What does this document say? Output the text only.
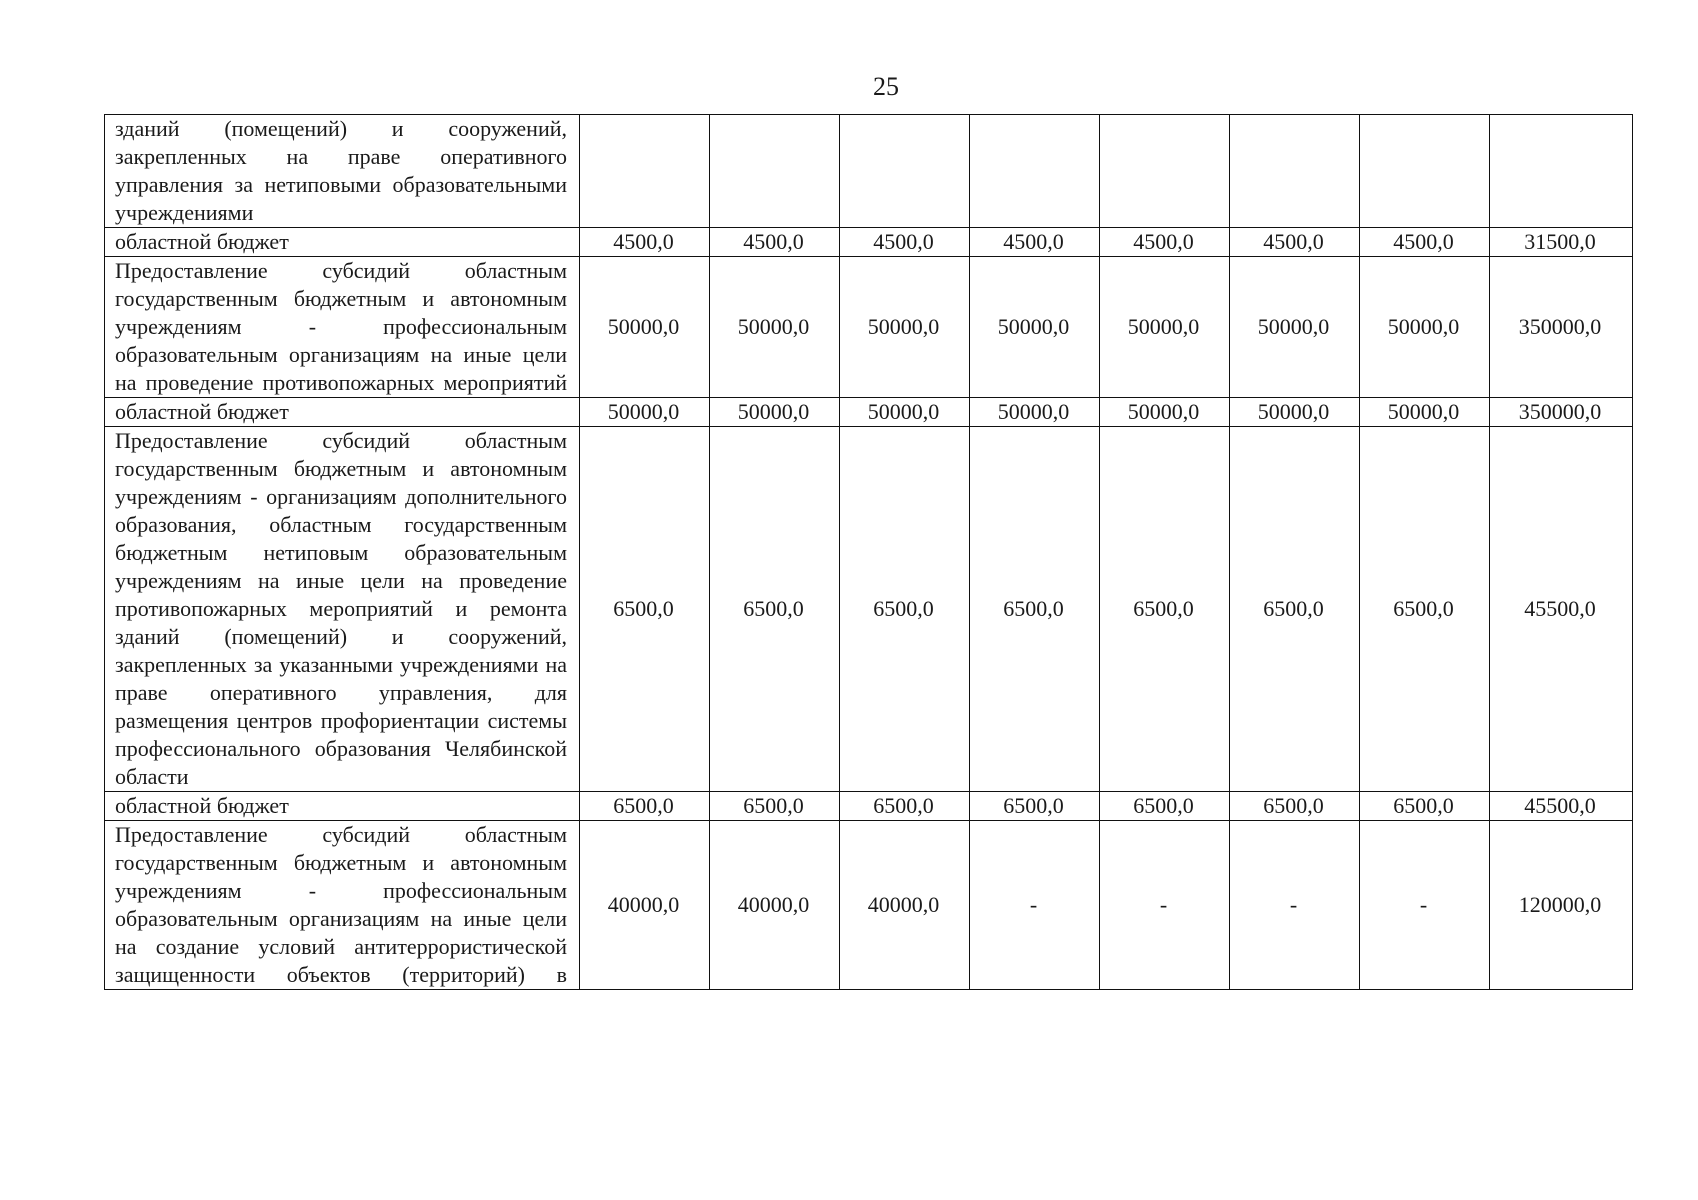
25
зданий (помещений) и сооружений, закрепленных на праве оперативного управления за нетиповыми образовательными учреждениями								
областной бюджет	4500,0	4500,0	4500,0	4500,0	4500,0	4500,0	4500,0	31500,0
Предоставление субсидий областным государственным бюджетным и автономным учреждениям - профессиональным образовательным организациям на иные цели на проведение противопожарных мероприятий	50000,0	50000,0	50000,0	50000,0	50000,0	50000,0	50000,0	350000,0
областной бюджет	50000,0	50000,0	50000,0	50000,0	50000,0	50000,0	50000,0	350000,0
Предоставление субсидий областным государственным бюджетным и автономным учреждениям - организациям дополнительного образования, областным государственным бюджетным нетиповым образовательным учреждениям на иные цели на проведение противопожарных мероприятий и ремонта зданий (помещений) и сооружений, закрепленных за указанными учреждениями на праве оперативного управления, для размещения центров профориентации системы профессионального образования Челябинской области	6500,0	6500,0	6500,0	6500,0	6500,0	6500,0	6500,0	45500,0
областной бюджет	6500,0	6500,0	6500,0	6500,0	6500,0	6500,0	6500,0	45500,0
Предоставление субсидий областным государственным бюджетным и автономным учреждениям - профессиональным образовательным организациям на иные цели на создание условий антитеррористической защищенности объектов (территорий) в	40000,0	40000,0	40000,0	-	-	-	-	120000,0
